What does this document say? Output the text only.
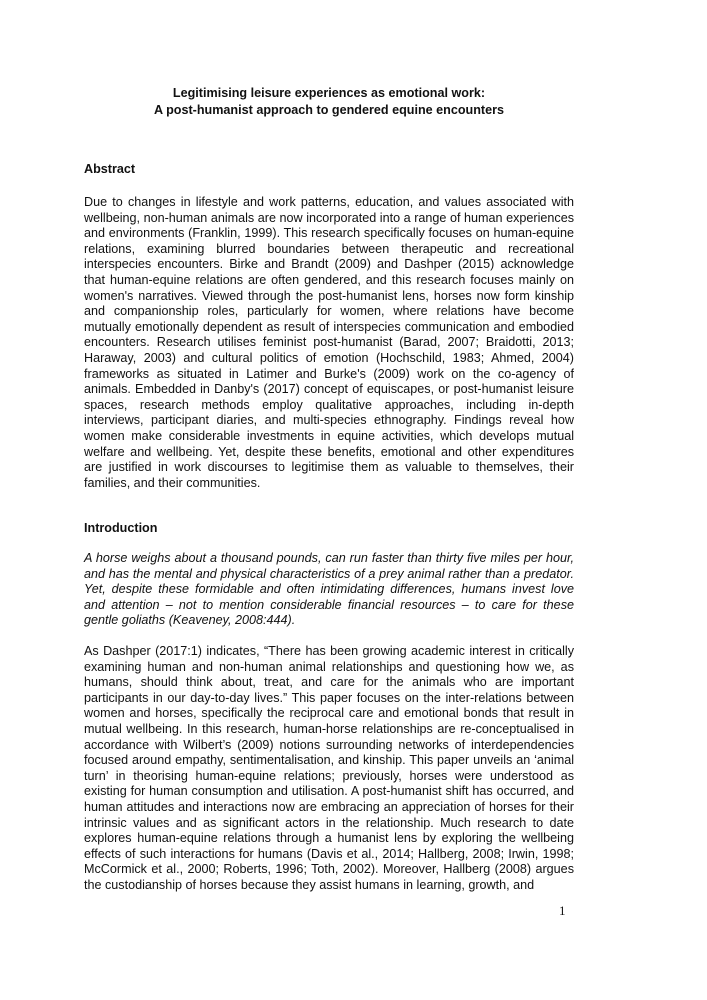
Legitimising leisure experiences as emotional work:
A post-humanist approach to gendered equine encounters
Abstract

Due to changes in lifestyle and work patterns, education, and values associated with wellbeing, non-human animals are now incorporated into a range of human experiences and environments (Franklin, 1999). This research specifically focuses on human-equine relations, examining blurred boundaries between therapeutic and recreational interspecies encounters. Birke and Brandt (2009) and Dashper (2015) acknowledge that human-equine relations are often gendered, and this research focuses mainly on women's narratives. Viewed through the post-humanist lens, horses now form kinship and companionship roles, particularly for women, where relations have become mutually emotionally dependent as result of interspecies communication and embodied encounters. Research utilises feminist post-humanist (Barad, 2007; Braidotti, 2013; Haraway, 2003) and cultural politics of emotion (Hochschild, 1983; Ahmed, 2004) frameworks as situated in Latimer and Burke's (2009) work on the co-agency of animals. Embedded in Danby's (2017) concept of equiscapes, or post-humanist leisure spaces, research methods employ qualitative approaches, including in-depth interviews, participant diaries, and multi-species ethnography. Findings reveal how women make considerable investments in equine activities, which develops mutual welfare and wellbeing. Yet, despite these benefits, emotional and other expenditures are justified in work discourses to legitimise them as valuable to themselves, their families, and their communities.

Introduction

A horse weighs about a thousand pounds, can run faster than thirty five miles per hour, and has the mental and physical characteristics of a prey animal rather than a predator. Yet, despite these formidable and often intimidating differences, humans invest love and attention – not to mention considerable financial resources – to care for these gentle goliaths (Keaveney, 2008:444).

As Dashper (2017:1) indicates, “There has been growing academic interest in critically examining human and non-human animal relationships and questioning how we, as humans, should think about, treat, and care for the animals who are important participants in our day-to-day lives.” This paper focuses on the inter-relations between women and horses, specifically the reciprocal care and emotional bonds that result in mutual wellbeing. In this research, human-horse relationships are re-conceptualised in accordance with Wilbert’s (2009) notions surrounding networks of interdependencies focused around empathy, sentimentalisation, and kinship. This paper unveils an ‘animal turn’ in theorising human-equine relations; previously, horses were understood as existing for human consumption and utilisation. A post-humanist shift has occurred, and human attitudes and interactions now are embracing an appreciation of horses for their intrinsic values and as significant actors in the relationship. Much research to date explores human-equine relations through a humanist lens by exploring the wellbeing effects of such interactions for humans (Davis et al., 2014; Hallberg, 2008; Irwin, 1998; McCormick et al., 2000; Roberts, 1996; Toth, 2002). Moreover, Hallberg (2008) argues the custodianship of horses because they assist humans in learning, growth, and

1
